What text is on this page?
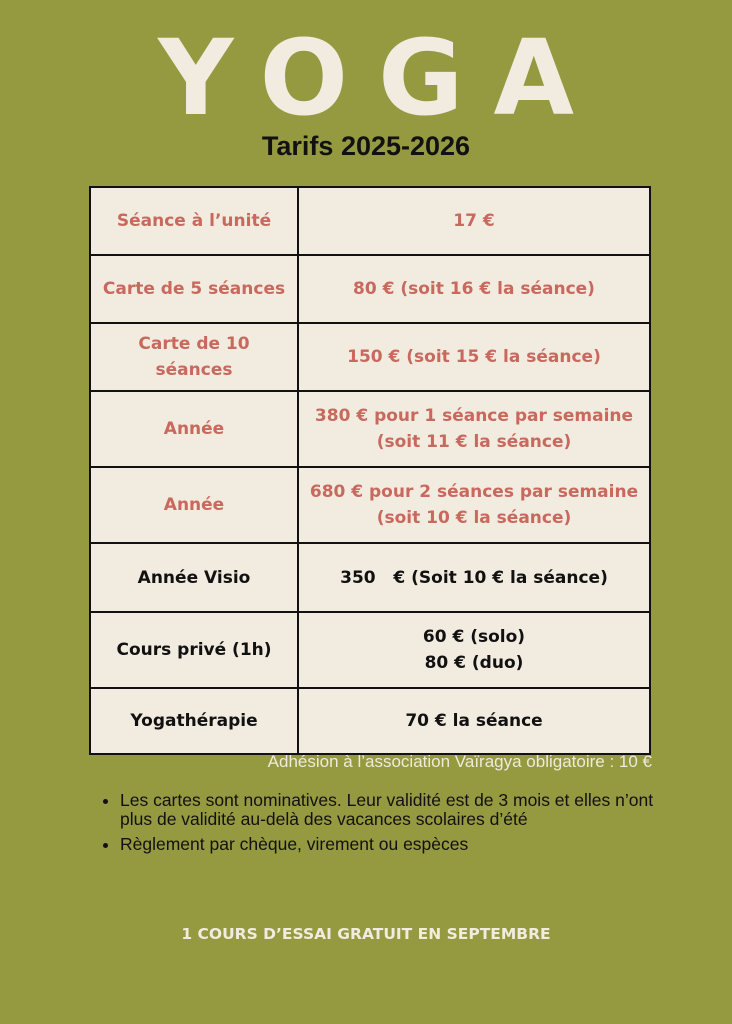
YOGA
Tarifs 2025-2026
Séance à l’unité	17 €

Carte de 5 séances	80 € (soit 16 € la séance)

Carte de 10 séances	150 € (soit 15 € la séance)

Année	380 € pour 1 séance par semaine
(soit 11 € la séance)

Année	680 € pour 2 séances par semaine
(soit 10 € la séance)

Année Visio	350   € (Soit 10 € la séance)

Cours privé (1h)	60 € (solo)
80 € (duo)

Yogathérapie	70 € la séance
Adhésion à l’association Vaïragya obligatoire : 10 €
• Les cartes sont nominatives. Leur validité est de 3 mois et elles n’ont plus de validité au-delà des vacances scolaires d’été
• Règlement par chèque, virement ou espèces
1 COURS D’ESSAI GRATUIT EN SEPTEMBRE
